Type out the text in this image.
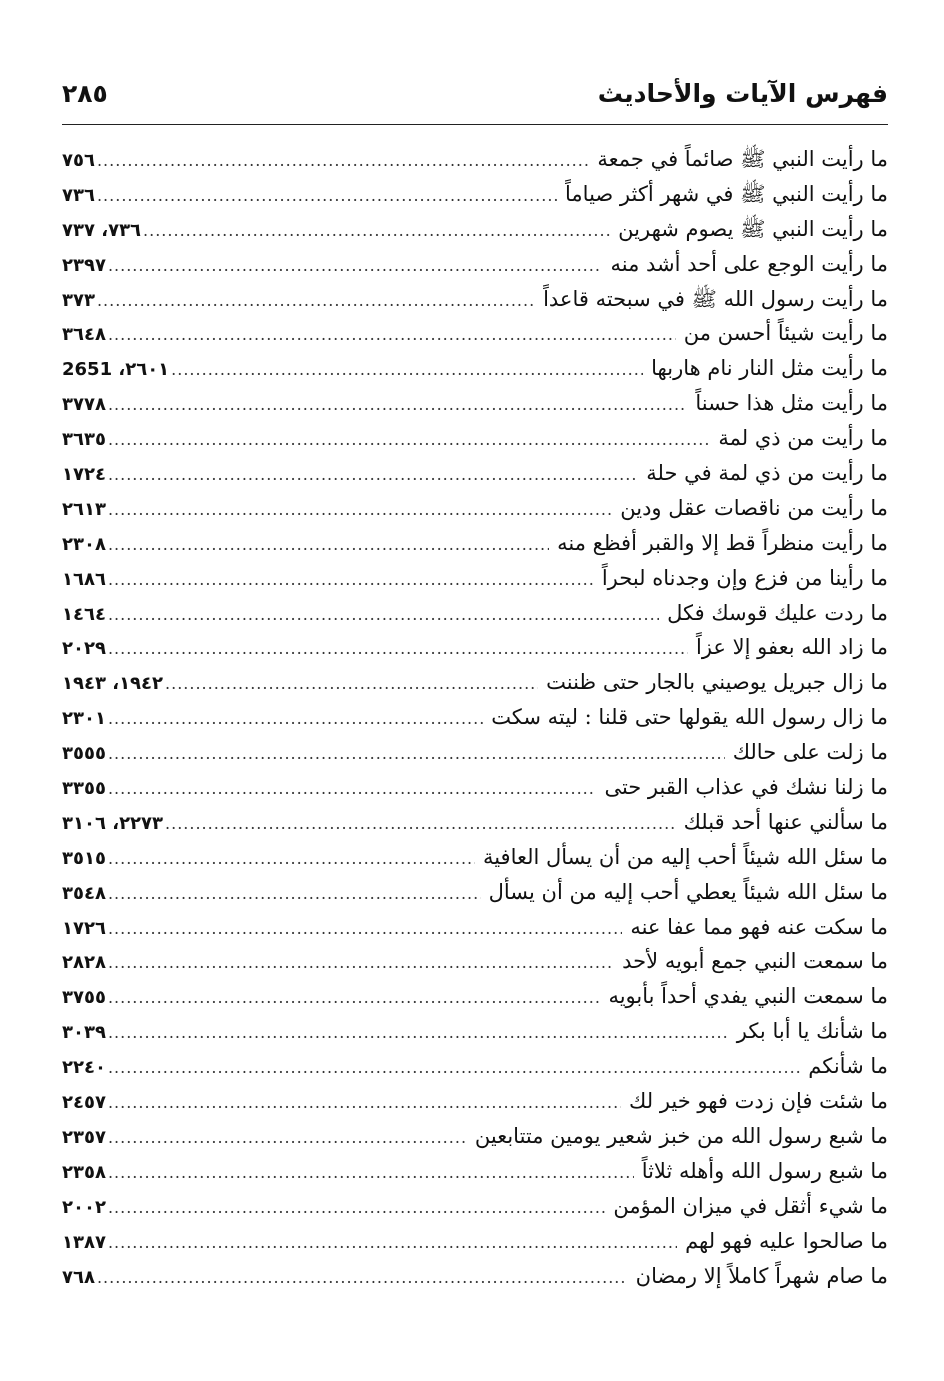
فهرس الآيات والأحاديث
٢٨٥
ما رأيت النبي ﷺ صائماً في جمعة
.....
٧٥٦
ما رأيت النبي ﷺ في شهر أكثر صياماً
.....
٧٣٦
ما رأيت النبي ﷺ يصوم شهرين
.....
٧٣٦، ٧٣٧
ما رأيت الوجع على أحد أشد منه
.....
٢٣٩٧
ما رأيت رسول الله ﷺ في سبحته قاعداً
.....
٣٧٣
ما رأيت شيئاً أحسن من
.....
٣٦٤٨
ما رأيت مثل النار نام هاربها
.....
٢٦٠١، 2651
ما رأيت مثل هذا حسناً
.....
٣٧٧٨
ما رأيت من ذي لمة
.....
٣٦٣٥
ما رأيت من ذي لمة في حلة
.....
١٧٢٤
ما رأيت من ناقصات عقل ودين
.....
٢٦١٣
ما رأيت منظراً قط إلا والقبر أفظع منه
.....
٢٣٠٨
ما رأينا من فزع وإن وجدناه لبحراً
.....
١٦٨٦
ما ردت عليك قوسك فكل
.....
١٤٦٤
ما زاد الله بعفو إلا عزاً
.....
٢٠٢٩
ما زال جبريل يوصيني بالجار حتى ظننت
.....
١٩٤٢، ١٩٤٣
ما زال رسول الله يقولها حتى قلنا : ليته سكت
.....
٢٣٠١
ما زلت على حالك
.....
٣٥٥٥
ما زلنا نشك في عذاب القبر حتى
.....
٣٣٥٥
ما سألني عنها أحد قبلك
.....
٢٢٧٣، ٣١٠٦
ما سئل الله شيئاً أحب إليه من أن يسأل العافية
.....
٣٥١٥
ما سئل الله شيئاً يعطي أحب إليه من أن يسأل
.....
٣٥٤٨
ما سكت عنه فهو مما عفا عنه
.....
١٧٢٦
ما سمعت النبي جمع أبويه لأحد
.....
٢٨٢٨
ما سمعت النبي يفدي أحداً بأبويه
.....
٣٧٥٥
ما شأنك يا أبا بكر
.....
٣٠٣٩
ما شأنكم
.....
٢٢٤٠
ما شئت فإن زدت فهو خير لك
.....
٢٤٥٧
ما شبع رسول الله من خبز شعير يومين متتابعين
.....
٢٣٥٧
ما شبع رسول الله وأهله ثلاثاً
.....
٢٣٥٨
ما شيء أثقل في ميزان المؤمن
.....
٢٠٠٢
ما صالحوا عليه فهو لهم
.....
١٣٨٧
ما صام شهراً كاملاً إلا رمضان
.....
٧٦٨
